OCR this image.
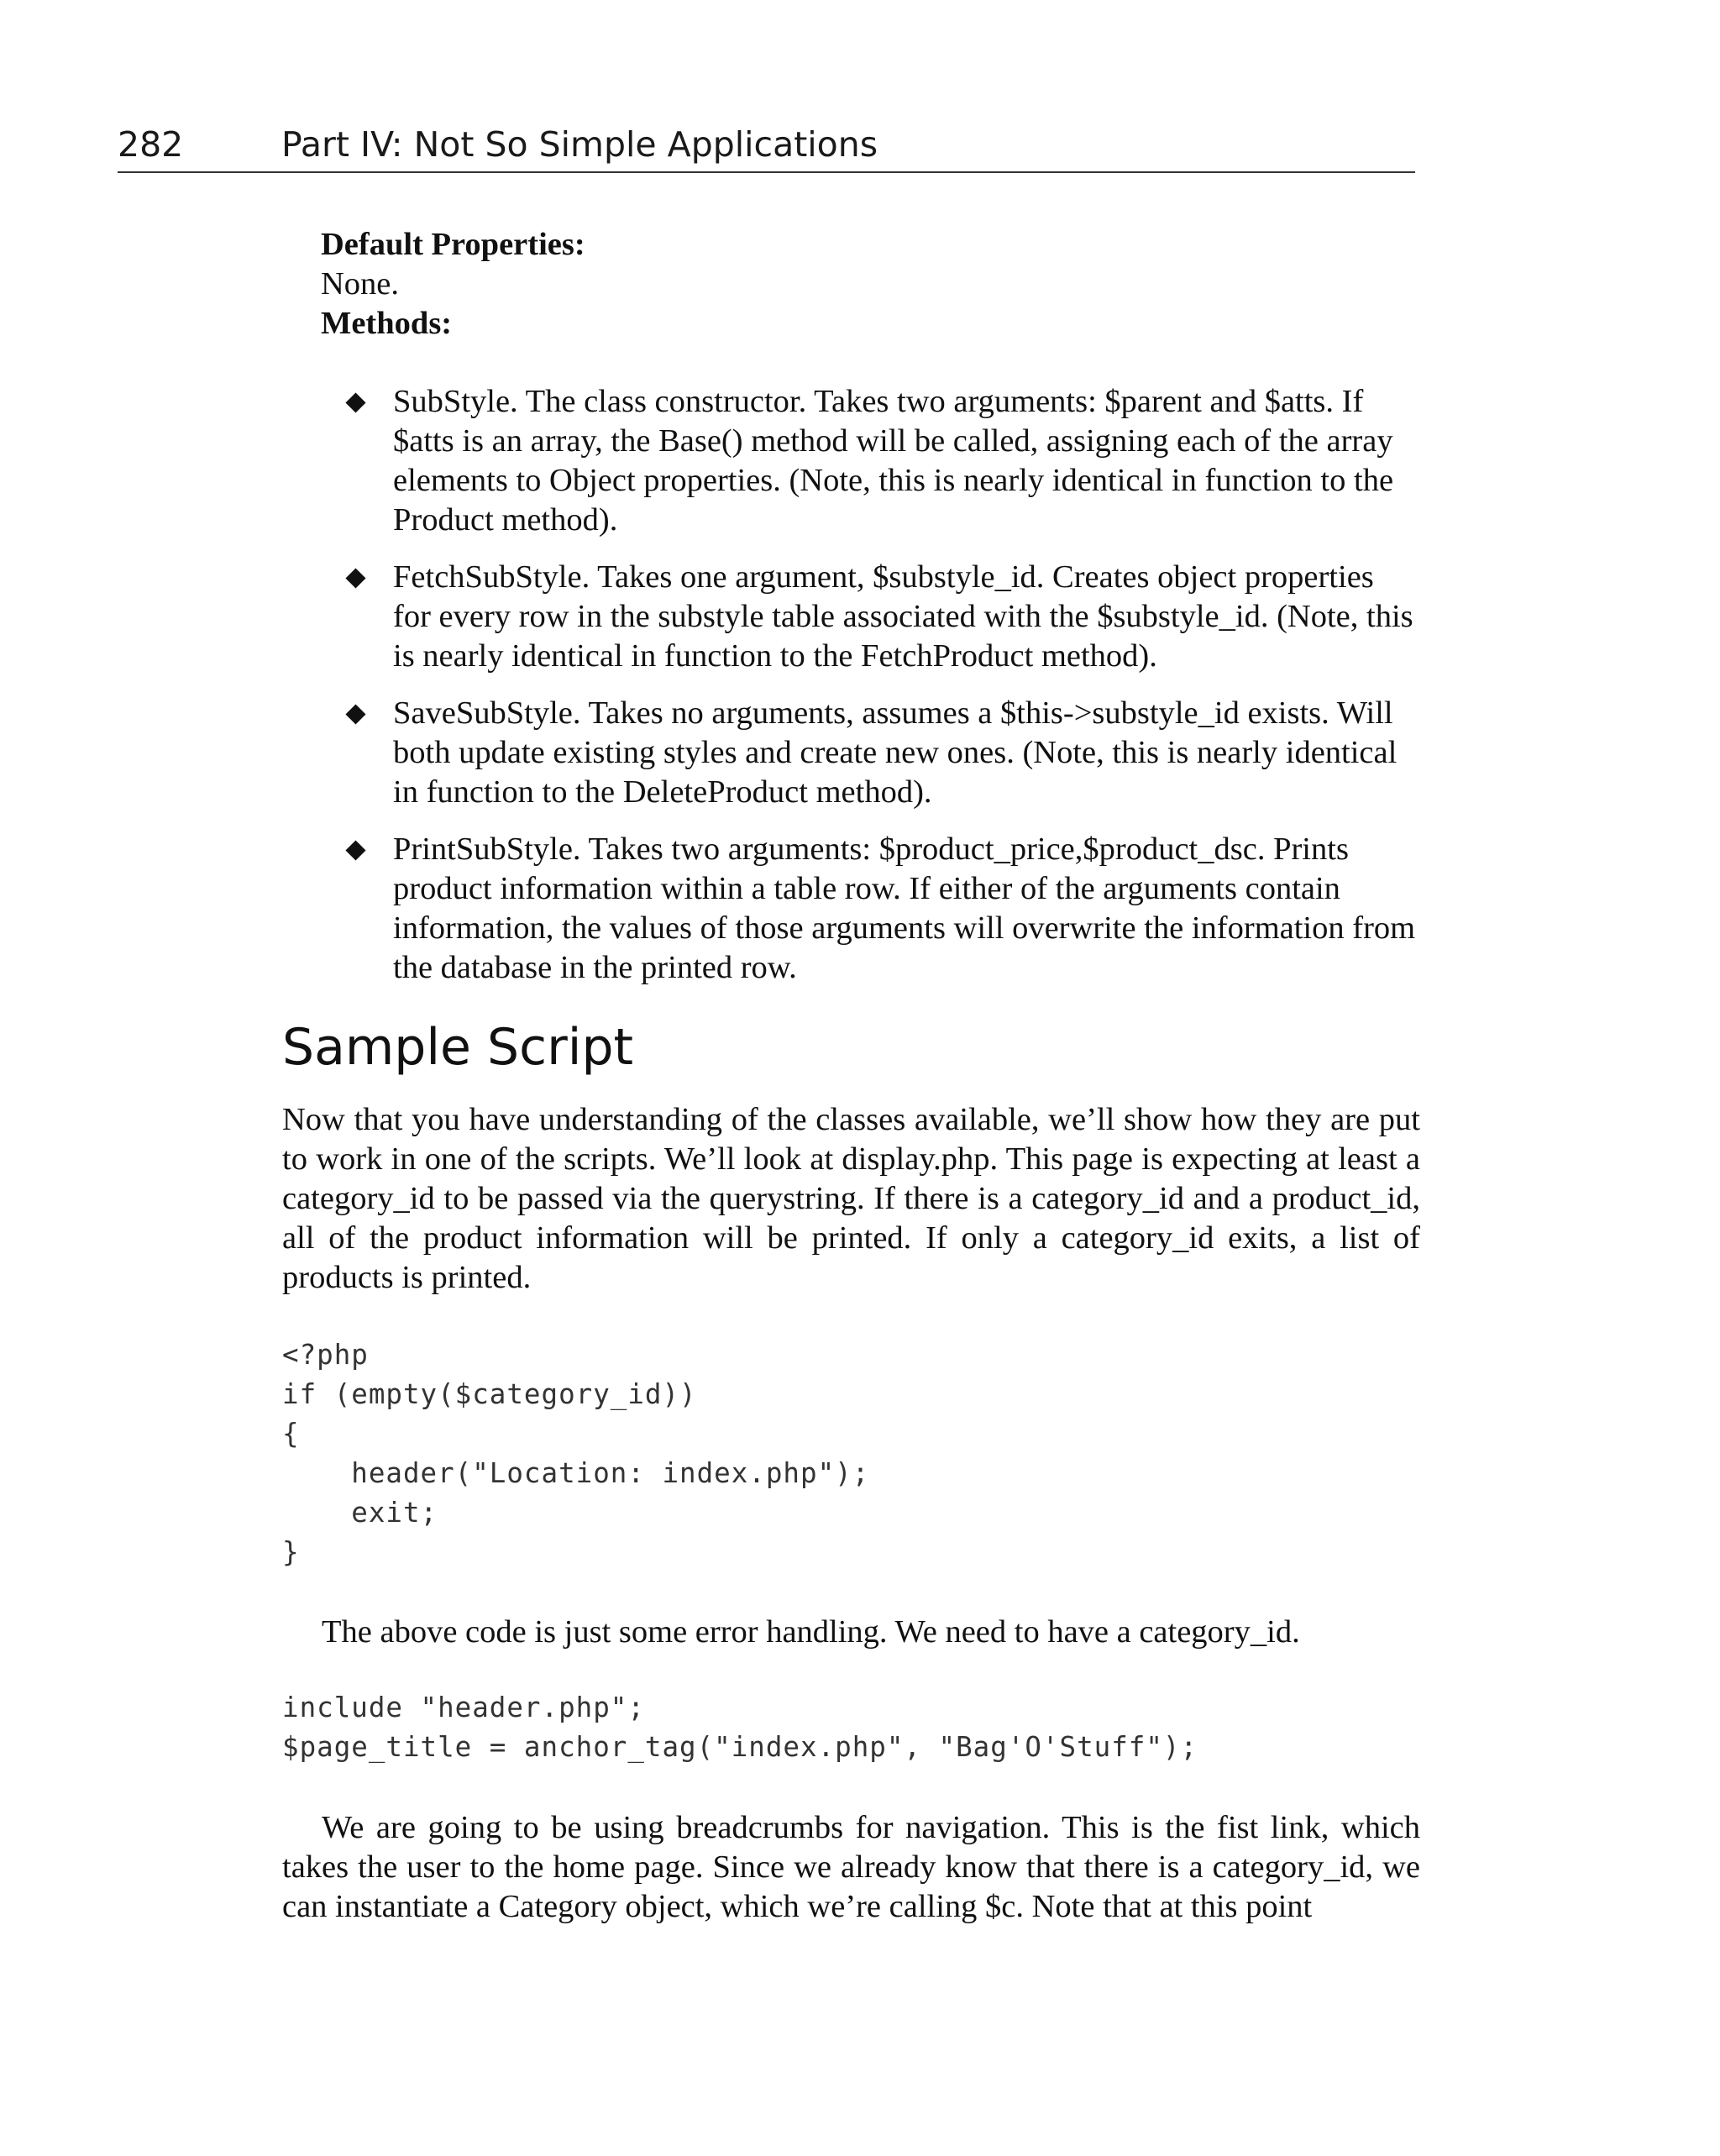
282	Part IV: Not So Simple Applications
Default Properties:
None.
Methods:
SubStyle. The class constructor. Takes two arguments: $parent and $atts. If $atts is an array, the Base() method will be called, assigning each of the array elements to Object properties. (Note, this is nearly identical in function to the Product method).
FetchSubStyle. Takes one argument, $substyle_id. Creates object properties for every row in the substyle table associated with the $substyle_id. (Note, this is nearly identical in function to the FetchProduct method).
SaveSubStyle. Takes no arguments, assumes a $this->substyle_id exists. Will both update existing styles and create new ones. (Note, this is nearly identical in function to the DeleteProduct method).
PrintSubStyle. Takes two arguments: $product_price,$product_dsc. Prints product information within a table row. If either of the arguments contain information, the values of those arguments will overwrite the information from the database in the printed row.
Sample Script

Now that you have understanding of the classes available, we’ll show how they are put to work in one of the scripts. We’ll look at display.php. This page is expecting at least a category_id to be passed via the querystring. If there is a category_id and a product_id, all of the product information will be printed. If only a category_id exits, a list of products is printed.

<?php
if (empty($category_id))
{
header("Location: index.php");
exit;
}

The above code is just some error handling. We need to have a category_id.

include "header.php";
$page_title = anchor_tag("index.php", "Bag'O'Stuff");

We are going to be using breadcrumbs for navigation. This is the fist link, which takes the user to the home page. Since we already know that there is a category_id, we can instantiate a Category object, which we’re calling $c. Note that at this point
